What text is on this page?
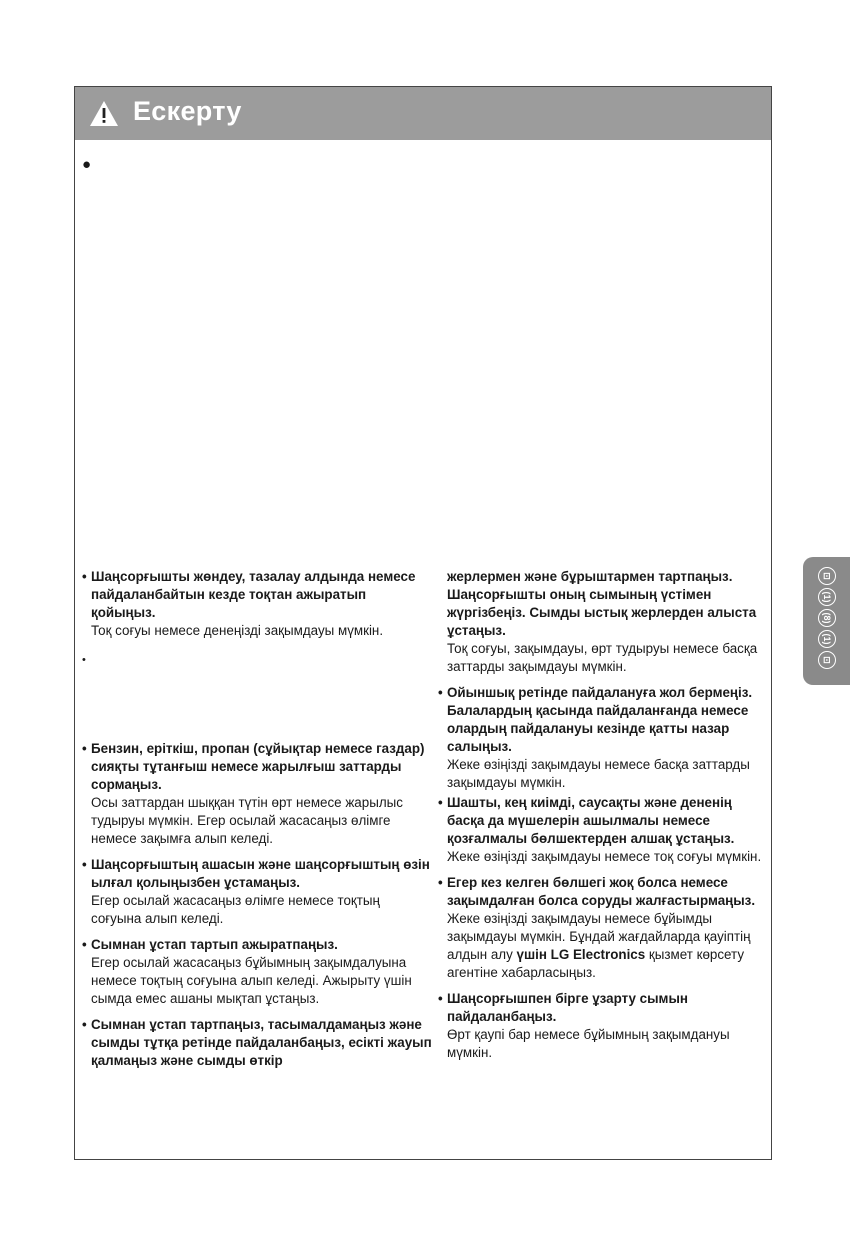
Ескерту
●
•
• Шаңсорғышты жөндеу, тазалау алдында немесе пайдаланбайтын кезде тоқтан ажыратып қойыңыз.
Тоқ соғуы немесе денеңізді зақымдауы мүмкін.
• Бензин, еріткіш, пропан (сұйықтар немесе газдар) сияқты тұтанғыш немесе жарылғыш заттарды сормаңыз.
Осы заттардан шыққан түтін өрт немесе жарылыс тудыруы мүмкін. Егер осылай жасасаңыз өлімге немесе зақымға алып келеді.
• Шаңсорғыштың ашасын және шаңсорғыштың өзін ылғал қолыңызбен ұстамаңыз.
Егер осылай жасасаңыз өлімге немесе тоқтың соғуына алып келеді.
• Сымнан ұстап тартып ажыратпаңыз.
Егер осылай жасасаңыз бұйымның зақымдалуына немесе тоқтың соғуына алып келеді. Ажырыту үшін сымда емес ашаны мықтап ұстаңыз.
• Сымнан ұстап тартпаңыз, тасымалдамаңыз және сымды тұтқа ретінде пайдаланбаңыз, есікті жауып қалмаңыз және сымды өткір
жерлермен және бұрыштармен тартпаңыз. Шаңсорғышты оның сымының үстімен жүргізбеңіз. Сымды ыстық жерлерден алыста ұстаңыз.
Тоқ соғуы, зақымдауы, өрт тудыруы немесе басқа заттарды зақымдауы мүмкін.
• Ойыншық ретінде пайдалануға жол бермеңіз. Балалардың қасында пайдаланғанда немесе олардың пайдалануы кезінде қатты назар салыңыз.
Жеке өзіңізді зақымдауы немесе басқа заттарды зақымдауы мүмкін.
• Шашты, кең киімді, саусақты және дененің басқа да мүшелерін ашылмалы немесе қозғалмалы бөлшектерден алшақ ұстаңыз.
Жеке өзіңізді зақымдауы немесе тоқ соғуы мүмкін.
• Егер кез келген бөлшегі жоқ болса немесе зақымдалған болса соруды жалғастырмаңыз.
Жеке өзіңізді зақымдауы немесе бұйымды зақымдауы мүмкін. Бұндай жағдайларда қауіптің алдын алу үшін LG Electronics қызмет көрсету агентіне хабарласыңыз.
• Шаңсорғышпен бірге ұзарту сымын пайдаланбаңыз.
Өрт қаупі бар немесе бұйымның зақымдануы мүмкін.
⊡
(1)
(8)
(1)
⊡
